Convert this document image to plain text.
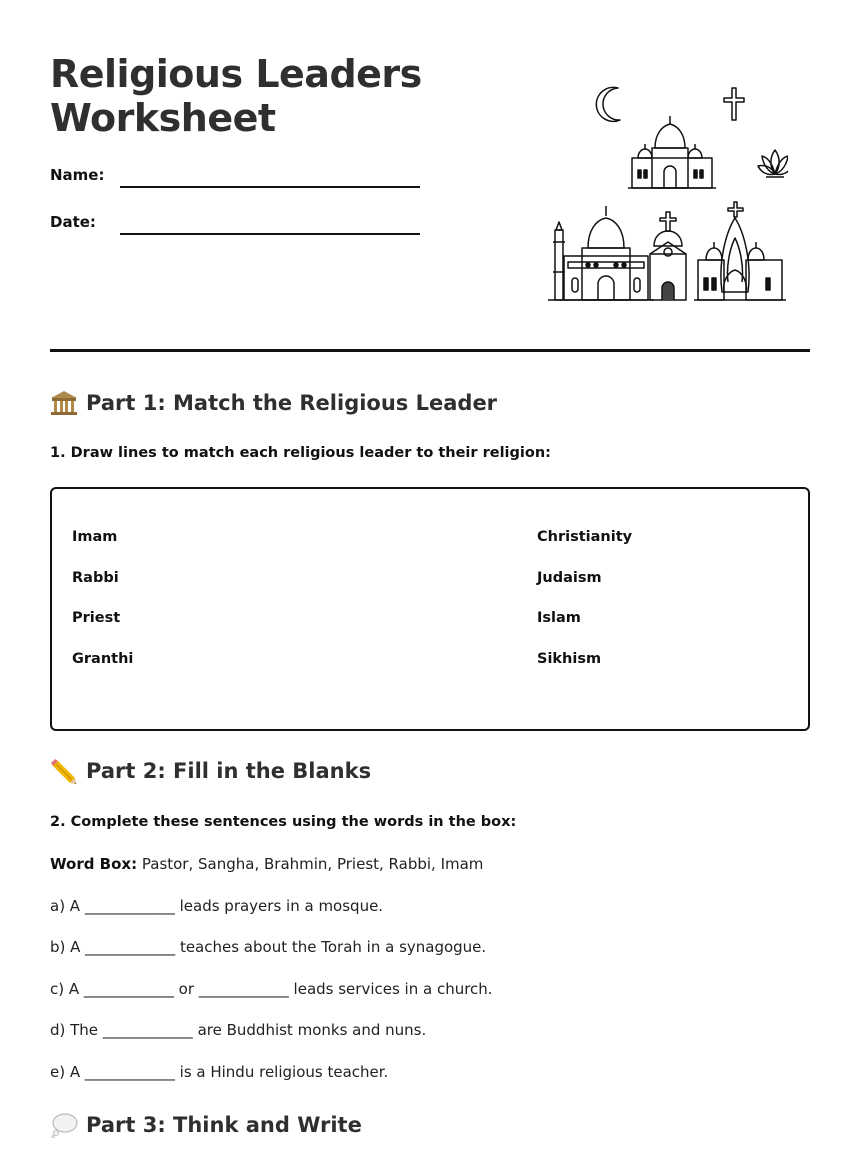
Religious Leaders
Worksheet
Name:
Date:
Part 1: Match the Religious Leader
1. Draw lines to match each religious leader to their religion:
Imam
Rabbi
Priest
Granthi
Christianity
Judaism
Islam
Sikhism
Part 2: Fill in the Blanks
2. Complete these sentences using the words in the box:
Word Box: Pastor, Sangha, Brahmin, Priest, Rabbi, Imam
a) A ____________ leads prayers in a mosque.
b) A ____________ teaches about the Torah in a synagogue.
c) A ____________ or ____________ leads services in a church.
d) The ____________ are Buddhist monks and nuns.
e) A ____________ is a Hindu religious teacher.
Part 3: Think and Write
